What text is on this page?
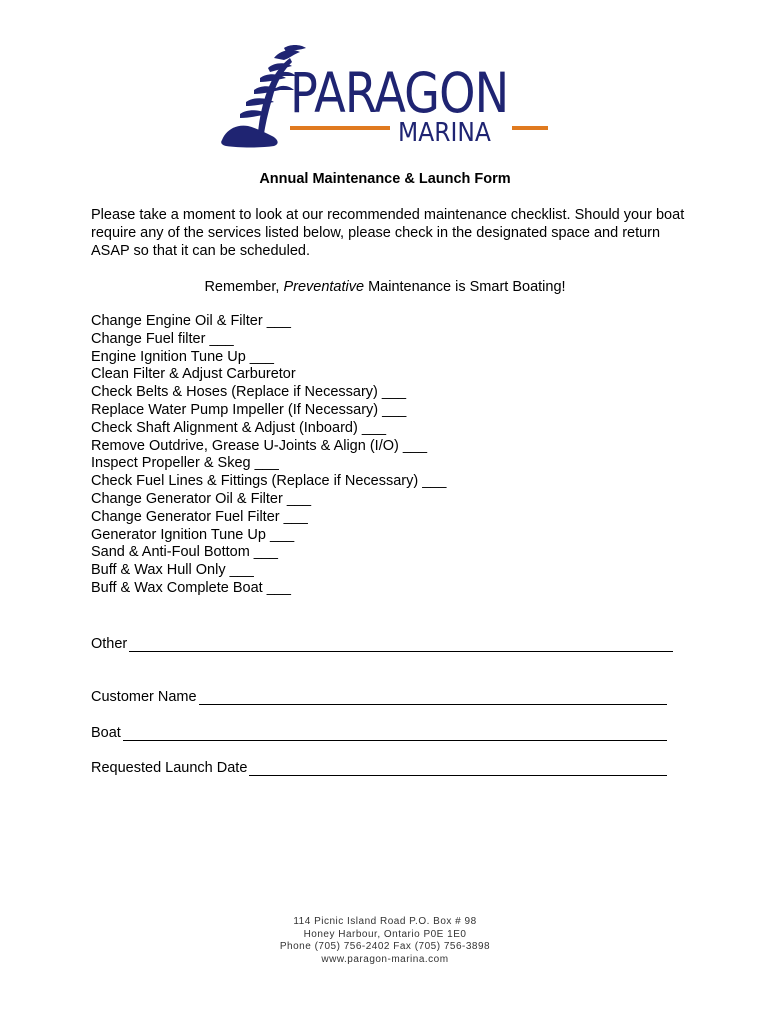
PARAGON
MARINA
Annual Maintenance & Launch Form
Please take a moment to look at our recommended maintenance checklist. Should your boat require any of the services listed below, please check in the designated space and return ASAP so that it can be scheduled.
Remember, Preventative Maintenance is Smart Boating!
Change Engine Oil & Filter ___
Change Fuel filter ___
Engine Ignition Tune Up ___
Clean Filter & Adjust Carburetor
Check Belts & Hoses (Replace if Necessary) ___
Replace Water Pump Impeller (If Necessary) ___
Check Shaft Alignment & Adjust (Inboard) ___
Remove Outdrive, Grease U-Joints & Align (I/O) ___
Inspect Propeller & Skeg ___
Check Fuel Lines & Fittings (Replace if Necessary) ___
Change Generator Oil & Filter ___
Change Generator Fuel Filter ___
Generator Ignition Tune Up ___
Sand & Anti-Foul Bottom ___
Buff & Wax Hull Only ___
Buff & Wax Complete Boat ___
Other
Customer Name
Boat
Requested Launch Date
114 Picnic Island Road P.O. Box # 98
Honey Harbour, Ontario P0E 1E0
Phone (705) 756-2402 Fax (705) 756-3898
www.paragon-marina.com
